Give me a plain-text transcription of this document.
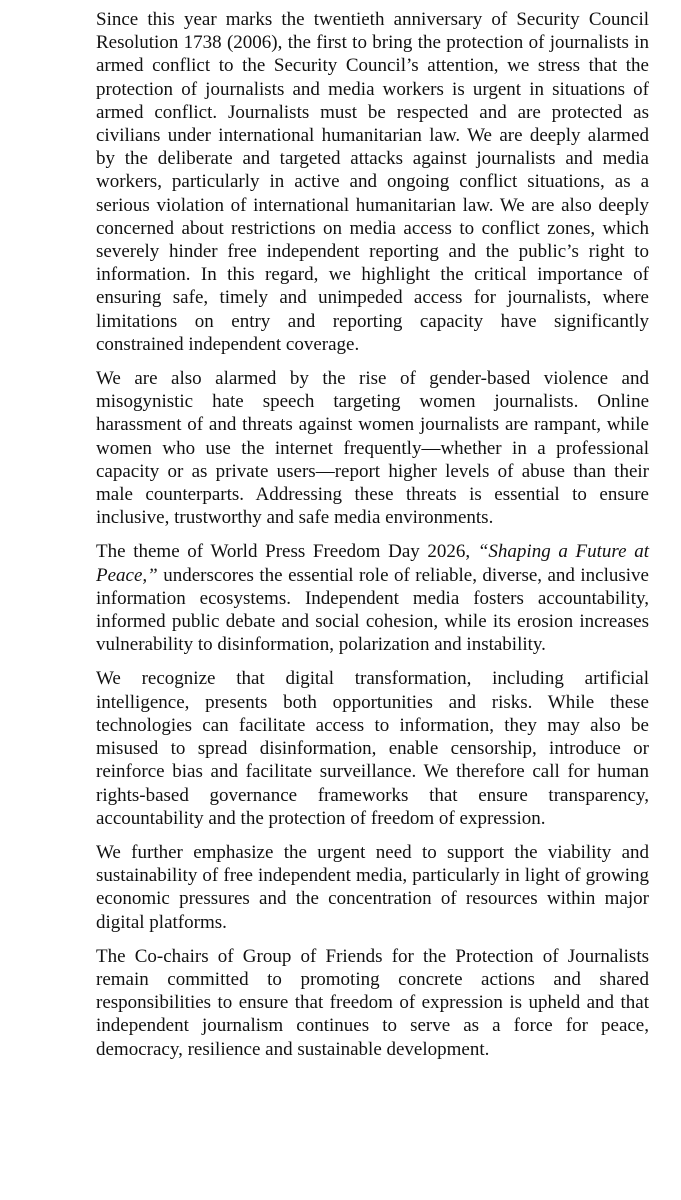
Since this year marks the twentieth anniversary of Security Council Resolution 1738 (2006), the first to bring the protection of journalists in armed conflict to the Security Council’s attention, we stress that the protection of journalists and media workers is urgent in situations of armed conflict. Journalists must be respected and are protected as civilians under international humanitarian law. We are deeply alarmed by the deliberate and targeted attacks against journalists and media workers, particularly in active and ongoing conflict situations, as a serious violation of international humanitarian law. We are also deeply concerned about restrictions on media access to conflict zones, which severely hinder free independent reporting and the public’s right to information. In this regard, we highlight the critical importance of ensuring safe, timely and unimpeded access for journalists, where limitations on entry and reporting capacity have significantly constrained independent coverage.

We are also alarmed by the rise of gender-based violence and misogynistic hate speech targeting women journalists. Online harassment of and threats against women journalists are rampant, while women who use the internet frequently—whether in a professional capacity or as private users—report higher levels of abuse than their male counterparts. Addressing these threats is essential to ensure inclusive, trustworthy and safe media environments.

The theme of World Press Freedom Day 2026, “Shaping a Future at Peace,” underscores the essential role of reliable, diverse, and inclusive information ecosystems. Independent media fosters accountability, informed public debate and social cohesion, while its erosion increases vulnerability to disinformation, polarization and instability.

We recognize that digital transformation, including artificial intelligence, presents both opportunities and risks. While these technologies can facilitate access to information, they may also be misused to spread disinformation, enable censorship, introduce or reinforce bias and facilitate surveillance. We therefore call for human rights-based governance frameworks that ensure transparency, accountability and the protection of freedom of expression.

We further emphasize the urgent need to support the viability and sustainability of free independent media, particularly in light of growing economic pressures and the concentration of resources within major digital platforms.

The Co-chairs of Group of Friends for the Protection of Journalists remain committed to promoting concrete actions and shared responsibilities to ensure that freedom of expression is upheld and that independent journalism continues to serve as a force for peace, democracy, resilience and sustainable development.
